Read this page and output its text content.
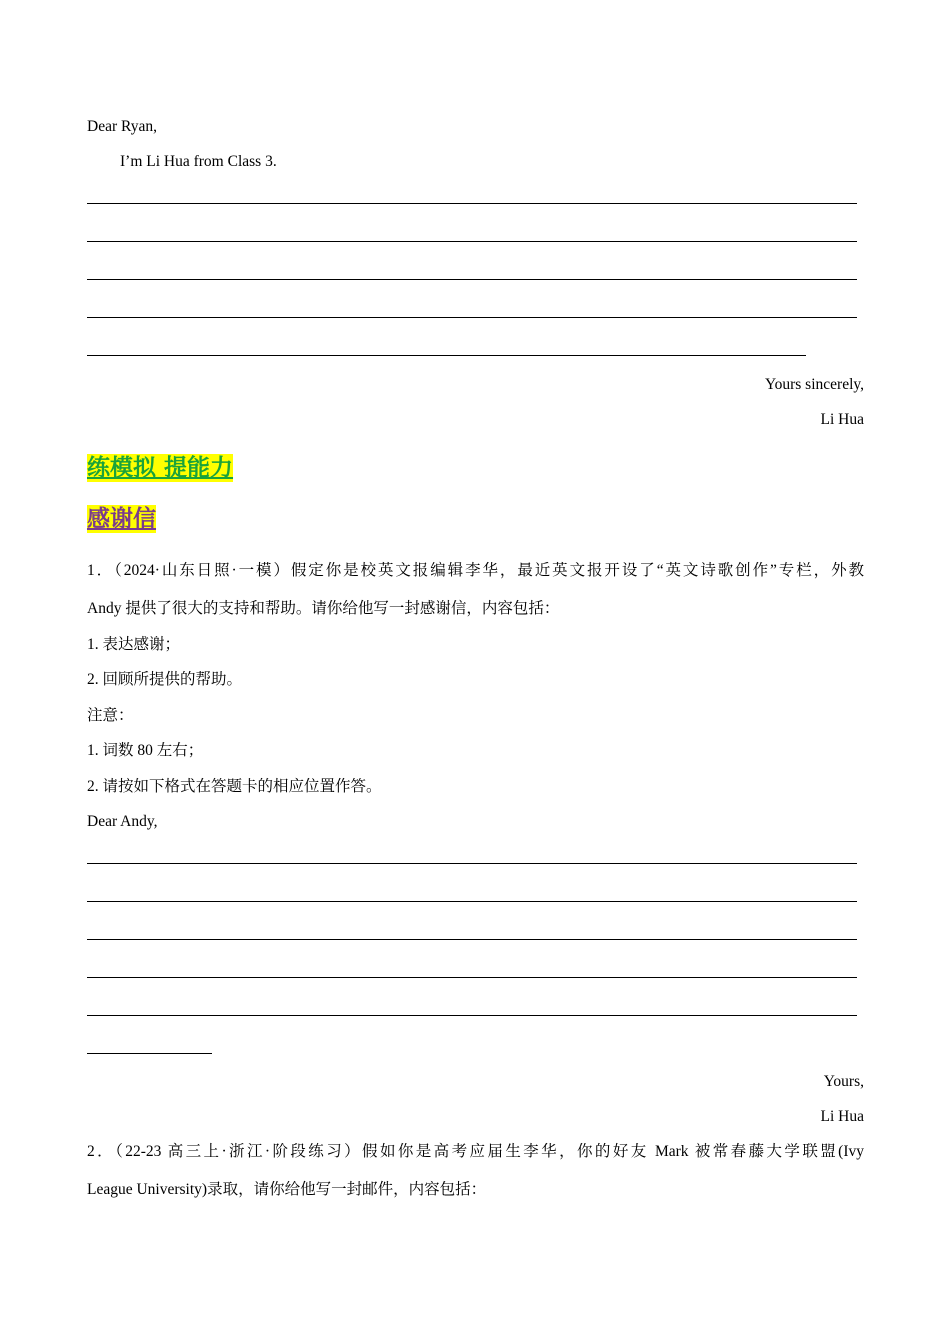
Dear Ryan,
I’m Li Hua from Class 3.
Yours sincerely,
Li Hua
练模拟 提能力
感谢信
1．（2024·山东日照·一模）假定你是校英文报编辑李华，最近英文报开设了“英文诗歌创作”专栏，外教
Andy 提供了很大的支持和帮助。请你给他写一封感谢信，内容包括：
1. 表达感谢；
2. 回顾所提供的帮助。
注意：
1. 词数 80 左右；
2. 请按如下格式在答题卡的相应位置作答。
Dear Andy,
Yours,
Li Hua
2．（22-23 高三上·浙江·阶段练习）假如你是高考应届生李华，你的好友 Mark 被常春藤大学联盟(Ivy
League University)录取，请你给他写一封邮件，内容包括：
